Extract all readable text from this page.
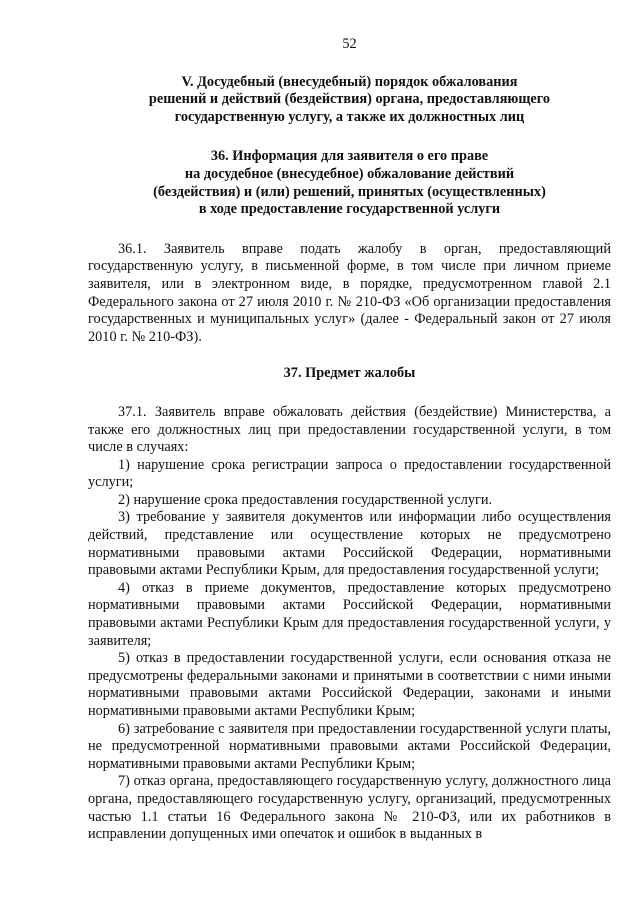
52
V. Досудебный (внесудебный) порядок обжалования
решений и действий (бездействия) органа, предоставляющего
государственную услугу, а также их должностных лиц
36. Информация для заявителя о его праве
на досудебное (внесудебное) обжалование действий
(бездействия) и (или) решений, принятых (осуществленных)
в ходе предоставление государственной услуги

36.1. Заявитель вправе подать жалобу в орган, предоставляющий государственную услугу, в письменной форме, в том числе при личном приеме заявителя, или в электронном виде, в порядке, предусмотренном главой 2.1 Федерального закона от 27 июля 2010 г. № 210-ФЗ «Об организации предоставления государственных и муниципальных услуг» (далее - Федеральный закон от 27 июля 2010 г. № 210-ФЗ).

37. Предмет жалобы

37.1. Заявитель вправе обжаловать действия (бездействие) Министерства, а также его должностных лиц при предоставлении государственной услуги, в том числе в случаях:

1) нарушение срока регистрации запроса о предоставлении государственной услуги;

2) нарушение срока предоставления государственной услуги.

3) требование у заявителя документов или информации либо осуществления действий, представление или осуществление которых не предусмотрено нормативными правовыми актами Российской Федерации, нормативными правовыми актами Республики Крым, для предоставления государственной услуги;

4) отказ в приеме документов, предоставление которых предусмотрено нормативными правовыми актами Российской Федерации, нормативными правовыми актами Республики Крым для предоставления государственной услуги, у заявителя;

5) отказ в предоставлении государственной услуги, если основания отказа не предусмотрены федеральными законами и принятыми в соответствии с ними иными нормативными правовыми актами Российской Федерации, законами и иными нормативными правовыми актами Республики Крым;

6) затребование с заявителя при предоставлении государственной услуги платы, не предусмотренной нормативными правовыми актами Российской Федерации, нормативными правовыми актами Республики Крым;

7) отказ органа, предоставляющего государственную услугу, должностного лица органа, предоставляющего государственную услугу, организаций, предусмотренных частью 1.1 статьи 16 Федерального закона № 210-ФЗ, или их работников в исправлении допущенных ими опечаток и ошибок в выданных в
